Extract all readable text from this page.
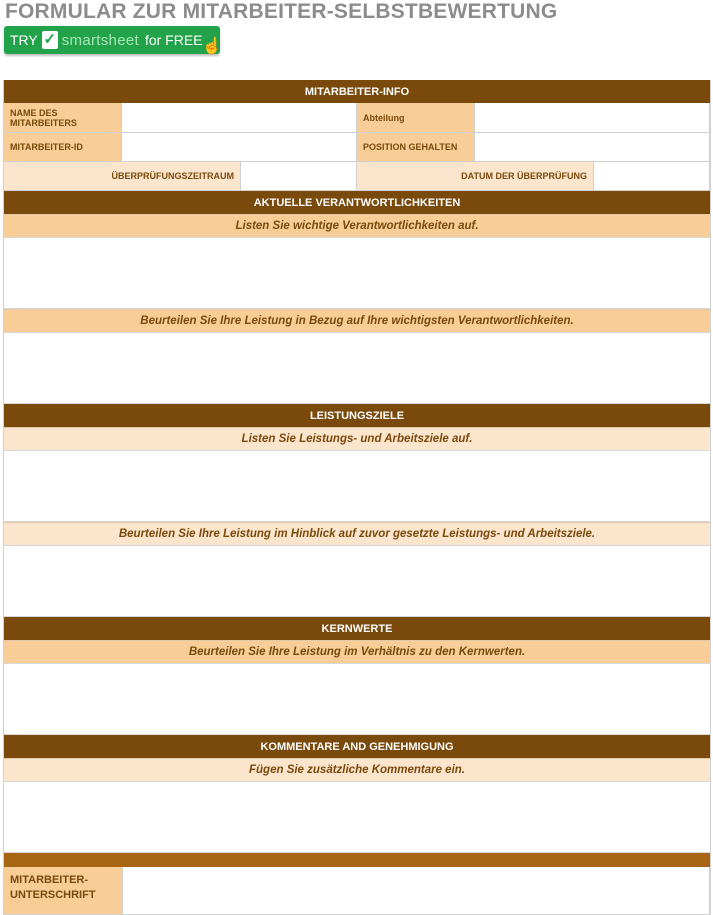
FORMULAR ZUR MITARBEITER-SELBSTBEWERTUNG
TRY ✓ smartsheet for FREE ☝
MITARBEITER-INFO
NAME DES MITARBEITERS	Abteilung
MITARBEITER-ID	POSITION GEHALTEN
ÜBERPRÜFUNGSZEITRAUM	DATUM DER ÜBERPRÜFUNG
AKTUELLE VERANTWORTLICHKEITEN
Listen Sie wichtige Verantwortlichkeiten auf.
Beurteilen Sie Ihre Leistung in Bezug auf Ihre wichtigsten Verantwortlichkeiten.
LEISTUNGSZIELE
Listen Sie Leistungs- und Arbeitsziele auf.
Beurteilen Sie Ihre Leistung im Hinblick auf zuvor gesetzte Leistungs- und Arbeitsziele.
KERNWERTE
Beurteilen Sie Ihre Leistung im Verhältnis zu den Kernwerten.
KOMMENTARE AND GENEHMIGUNG
Fügen Sie zusätzliche Kommentare ein.
MITARBEITER-UNTERSCHRIFT
